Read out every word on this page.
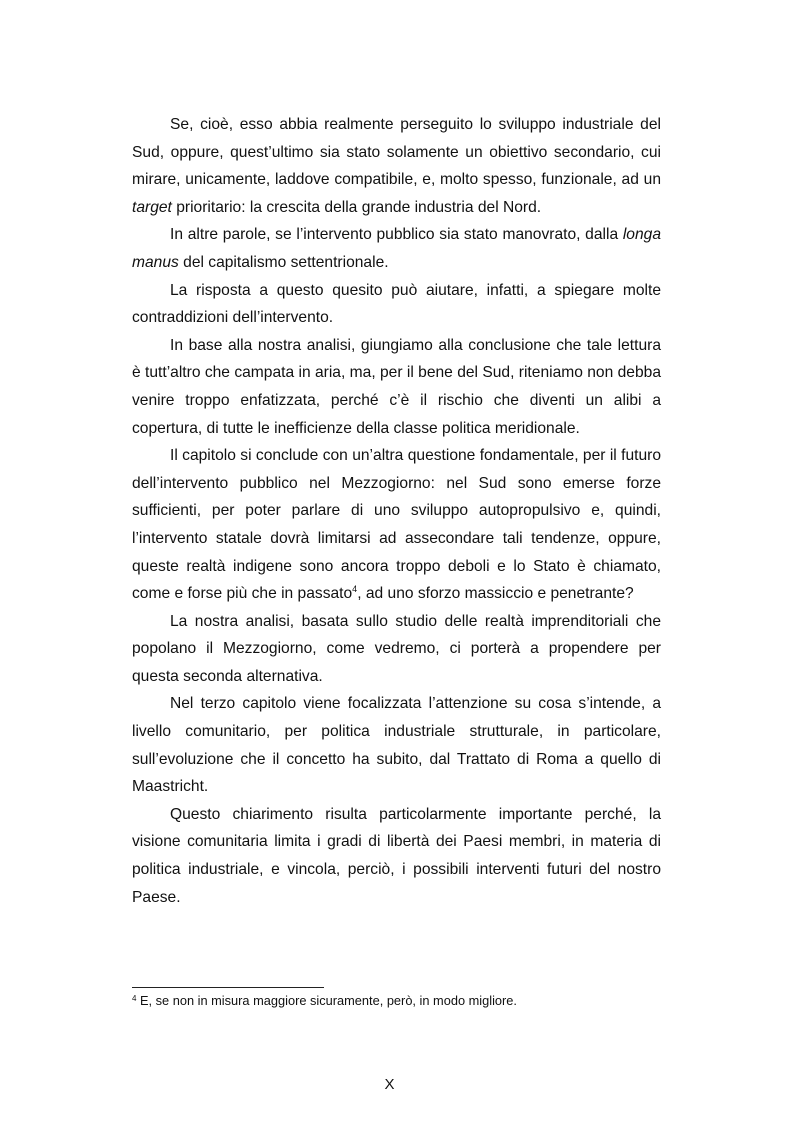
Se, cioè, esso abbia realmente perseguito lo sviluppo industriale del Sud, oppure, quest’ultimo sia stato solamente un obiettivo secondario, cui mirare, unicamente, laddove compatibile, e, molto spesso, funzionale, ad un target prioritario: la crescita della grande industria del Nord.

In altre parole, se l’intervento pubblico sia stato manovrato, dalla longa manus del capitalismo settentrionale.

La risposta a questo quesito può aiutare, infatti, a spiegare molte contraddizioni dell’intervento.

In base alla nostra analisi, giungiamo alla conclusione che tale lettura è tutt’altro che campata in aria, ma, per il bene del Sud, riteniamo non debba venire troppo enfatizzata, perché c’è il rischio che diventi un alibi a copertura, di tutte le inefficienze della classe politica meridionale.

Il capitolo si conclude con un’altra questione fondamentale, per il futuro dell’intervento pubblico nel Mezzogiorno: nel Sud sono emerse forze sufficienti, per poter parlare di uno sviluppo autopropulsivo e, quindi, l’intervento statale dovrà limitarsi ad assecondare tali tendenze, oppure, queste realtà indigene sono ancora troppo deboli e lo Stato è chiamato, come e forse più che in passato$^4$, ad uno sforzo massiccio e penetrante?

La nostra analisi, basata sullo studio delle realtà imprenditoriali che popolano il Mezzogiorno, come vedremo, ci porterà a propendere per questa seconda alternativa.

Nel terzo capitolo viene focalizzata l’attenzione su cosa s’intende, a livello comunitario, per politica industriale strutturale, in particolare, sull’evoluzione che il concetto ha subito, dal Trattato di Roma a quello di Maastricht.

Questo chiarimento risulta particolarmente importante perché, la visione comunitaria limita i gradi di libertà dei Paesi membri, in materia di politica industriale, e vincola, perciò, i possibili interventi futuri del nostro Paese.

$^4$ E, se non in misura maggiore sicuramente, però, in modo migliore.
X
